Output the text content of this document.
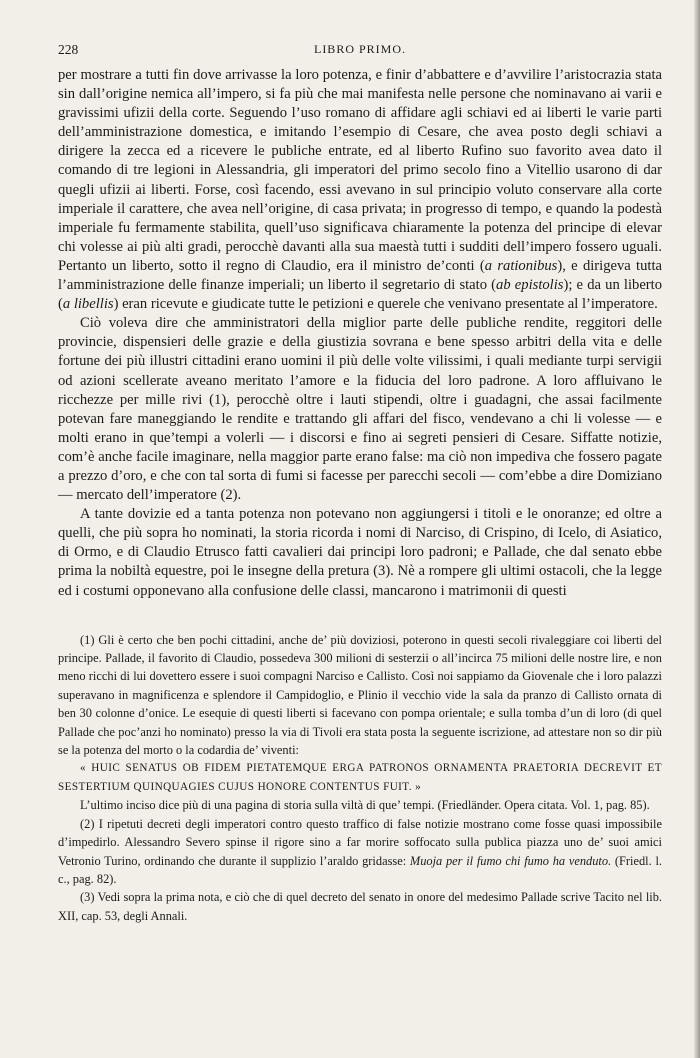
228	LIBRO PRIMO.

per mostrare a tutti fin dove arrivasse la loro potenza, e finir d’abbattere e d’avvilire l’aristocrazia stata sin dall’origine nemica all’impero, si fa più che mai manifesta nelle persone che nominavano ai varii e gravissimi ufizii della corte. Seguendo l’uso romano di affidare agli schiavi ed ai liberti le varie parti dell’amministrazione domestica, e imitando l’esempio di Cesare, che avea posto degli schiavi a dirigere la zecca ed a ricevere le publiche entrate, ed al liberto Rufino suo favorito avea dato il comando di tre legioni in Alessandria, gli imperatori del primo secolo fino a Vitellio usarono di dar quegli ufizii ai liberti. Forse, così facendo, essi avevano in sul principio voluto conservare alla corte imperiale il carattere, che avea nell’origine, di casa privata; in progresso di tempo, e quando la podestà imperiale fu fermamente stabilita, quell’uso significava chiaramente la potenza del principe di elevar chi volesse ai più alti gradi, perocchè davanti alla sua maestà tutti i sudditi dell’impero fossero uguali. Pertanto un liberto, sotto il regno di Claudio, era il ministro de’conti (a rationibus), e dirigeva tutta l’amministrazione delle finanze imperiali; un liberto il segretario di stato (ab epistolis); e da un liberto (a libellis) eran ricevute e giudicate tutte le petizioni e querele che venivano presentate al l’imperatore.

Ciò voleva dire che amministratori della miglior parte delle publiche rendite, reggitori delle provincie, dispensieri delle grazie e della giustizia sovrana e bene spesso arbitri della vita e delle fortune dei più illustri cittadini erano uomini il più delle volte vilissimi, i quali mediante turpi servigii od azioni scellerate aveano meritato l’amore e la fiducia del loro padrone. A loro affluivano le ricchezze per mille rivi (1), perocchè oltre i lauti stipendi, oltre i guadagni, che assai facilmente potevan fare maneggiando le rendite e trattando gli affari del fisco, vendevano a chi li volesse — e molti erano in que’tempi a volerli — i discorsi e fino ai segreti pensieri di Cesare. Siffatte notizie, com’è anche facile imaginare, nella maggior parte erano false: ma ciò non impediva che fossero pagate a prezzo d’oro, e che con tal sorta di fumi si facesse per parecchi secoli — com’ebbe a dire Domiziano — mercato dell’imperatore (2).

A tante dovizie ed a tanta potenza non potevano non aggiungersi i titoli e le onoranze; ed oltre a quelli, che più sopra ho nominati, la storia ricorda i nomi di Narciso, di Crispino, di Icelo, di Asiatico, di Ormo, e di Claudio Etrusco fatti cavalieri dai principi loro padroni; e Pallade, che dal senato ebbe prima la nobiltà equestre, poi le insegne della pretura (3). Nè a rompere gli ultimi ostacoli, che la legge ed i costumi opponevano alla confusione delle classi, mancarono i matrimonii di questi

(1) Gli è certo che ben pochi cittadini, anche de’ più doviziosi, poterono in questi secoli rivaleggiare coi liberti del principe. Pallade, il favorito di Claudio, possedeva 300 milioni di sesterzii o all’incirca 75 milioni delle nostre lire, e non meno ricchi di lui dovettero essere i suoi compagni Narciso e Callisto. Così noi sappiamo da Giovenale che i loro palazzi superavano in magnificenza e splendore il Campidoglio, e Plinio il vecchio vide la sala da pranzo di Callisto ornata di ben 30 colonne d’onice. Le esequie di questi liberti si facevano con pompa orientale; e sulla tomba d’un di loro (di quel Pallade che poc’anzi ho nominato) presso la via di Tivoli era stata posta la seguente iscrizione, ad attestare non so dir più se la potenza del morto o la codardia de’ viventi:

« HUIC SENATUS OB FIDEM PIETATEMQUE ERGA PATRONOS ORNAMENTA PRAETORIA DECREVIT ET SESTERTIUM QUINQUAGIES CUJUS HONORE CONTENTUS FUIT. »

L’ultimo inciso dice più di una pagina di storia sulla viltà di que’ tempi. (Friedländer. Opera citata. Vol. 1, pag. 85).

(2) I ripetuti decreti degli imperatori contro questo traffico di false notizie mostrano come fosse quasi impossibile d’impedirlo. Alessandro Severo spinse il rigore sino a far morire soffocato sulla publica piazza uno de’ suoi amici Vetronio Turino, ordinando che durante il supplizio l’araldo gridasse: Muoja per il fumo chi fumo ha venduto. (Friedl. l. c., pag. 82).

(3) Vedi sopra la prima nota, e ciò che di quel decreto del senato in onore del medesimo Pallade scrive Tacito nel lib. XII, cap. 53, degli Annali.
